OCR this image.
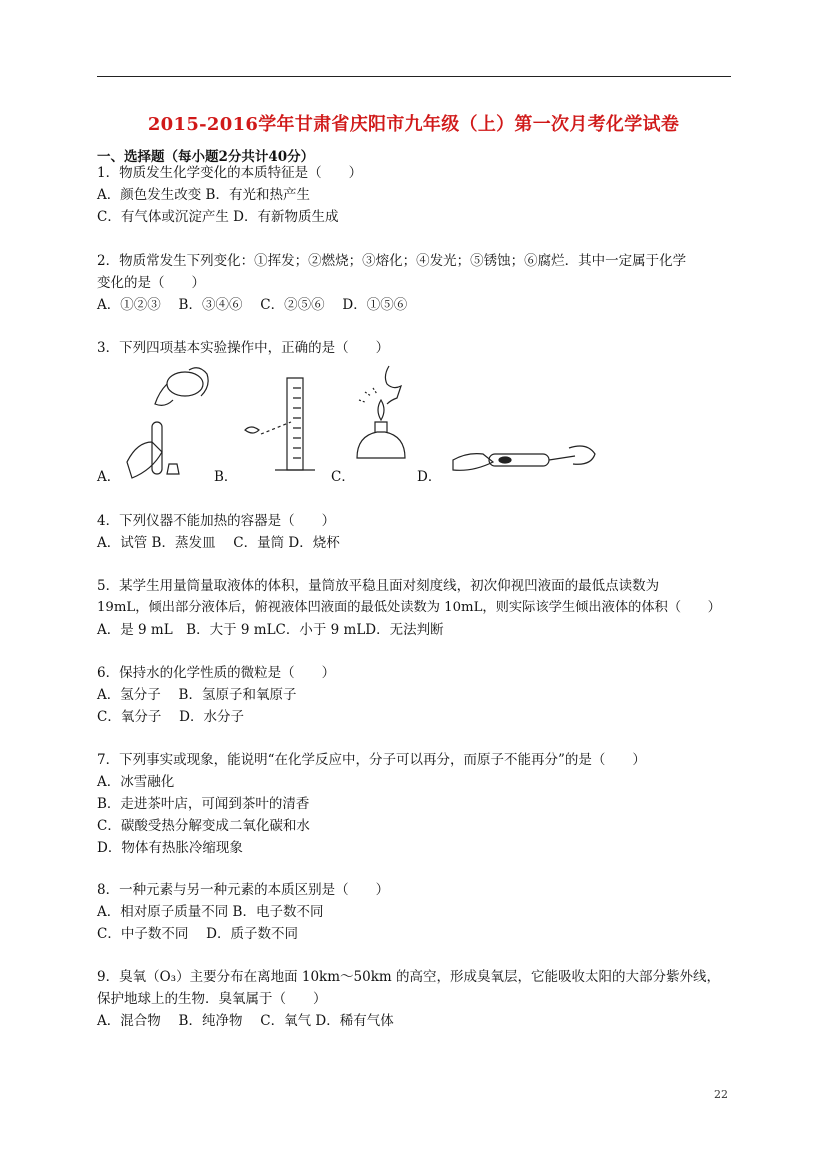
2015-2016学年甘肃省庆阳市九年级（上）第一次月考化学试卷
一、选择题（每小题2分共计40分）
1．物质发生化学变化的本质特征是（　　）
A．颜色发生改变 B．有光和热产生
C．有气体或沉淀产生 D．有新物质生成
2．物质常发生下列变化：①挥发；②燃烧；③熔化；④发光；⑤锈蚀；⑥腐烂．其中一定属于化学
变化的是（　　）
A．①②③　 B．③④⑥　 C．②⑤⑥　 D．①⑤⑥
3．下列四项基本实验操作中，正确的是（　　）
A．	B．	C．	D．
4．下列仪器不能加热的容器是（　　）
A．试管 B．蒸发皿　 C．量筒 D．烧杯
5．某学生用量筒量取液体的体积，量筒放平稳且面对刻度线，初次仰视凹液面的最低点读数为
19mL，倾出部分液体后，俯视液体凹液面的最低处读数为 10mL，则实际该学生倾出液体的体积（　　）
A．是 9 mL　B．大于 9 mLC．小于 9 mLD．无法判断
6．保持水的化学性质的微粒是（　　）
A．氢分子　 B．氢原子和氧原子
C．氧分子　 D．水分子
7．下列事实或现象，能说明“在化学反应中，分子可以再分，而原子不能再分”的是（　　）
A．冰雪融化
B．走进茶叶店，可闻到茶叶的清香
C．碳酸受热分解变成二氧化碳和水
D．物体有热胀冷缩现象
8．一种元素与另一种元素的本质区别是（　　）
A．相对原子质量不同 B．电子数不同
C．中子数不同　 D．质子数不同
9．臭氧（O₃）主要分布在离地面 10km～50km 的高空，形成臭氧层，它能吸收太阳的大部分紫外线，
保护地球上的生物．臭氧属于（　　）
A．混合物　 B．纯净物　 C．氧气 D．稀有气体
22
